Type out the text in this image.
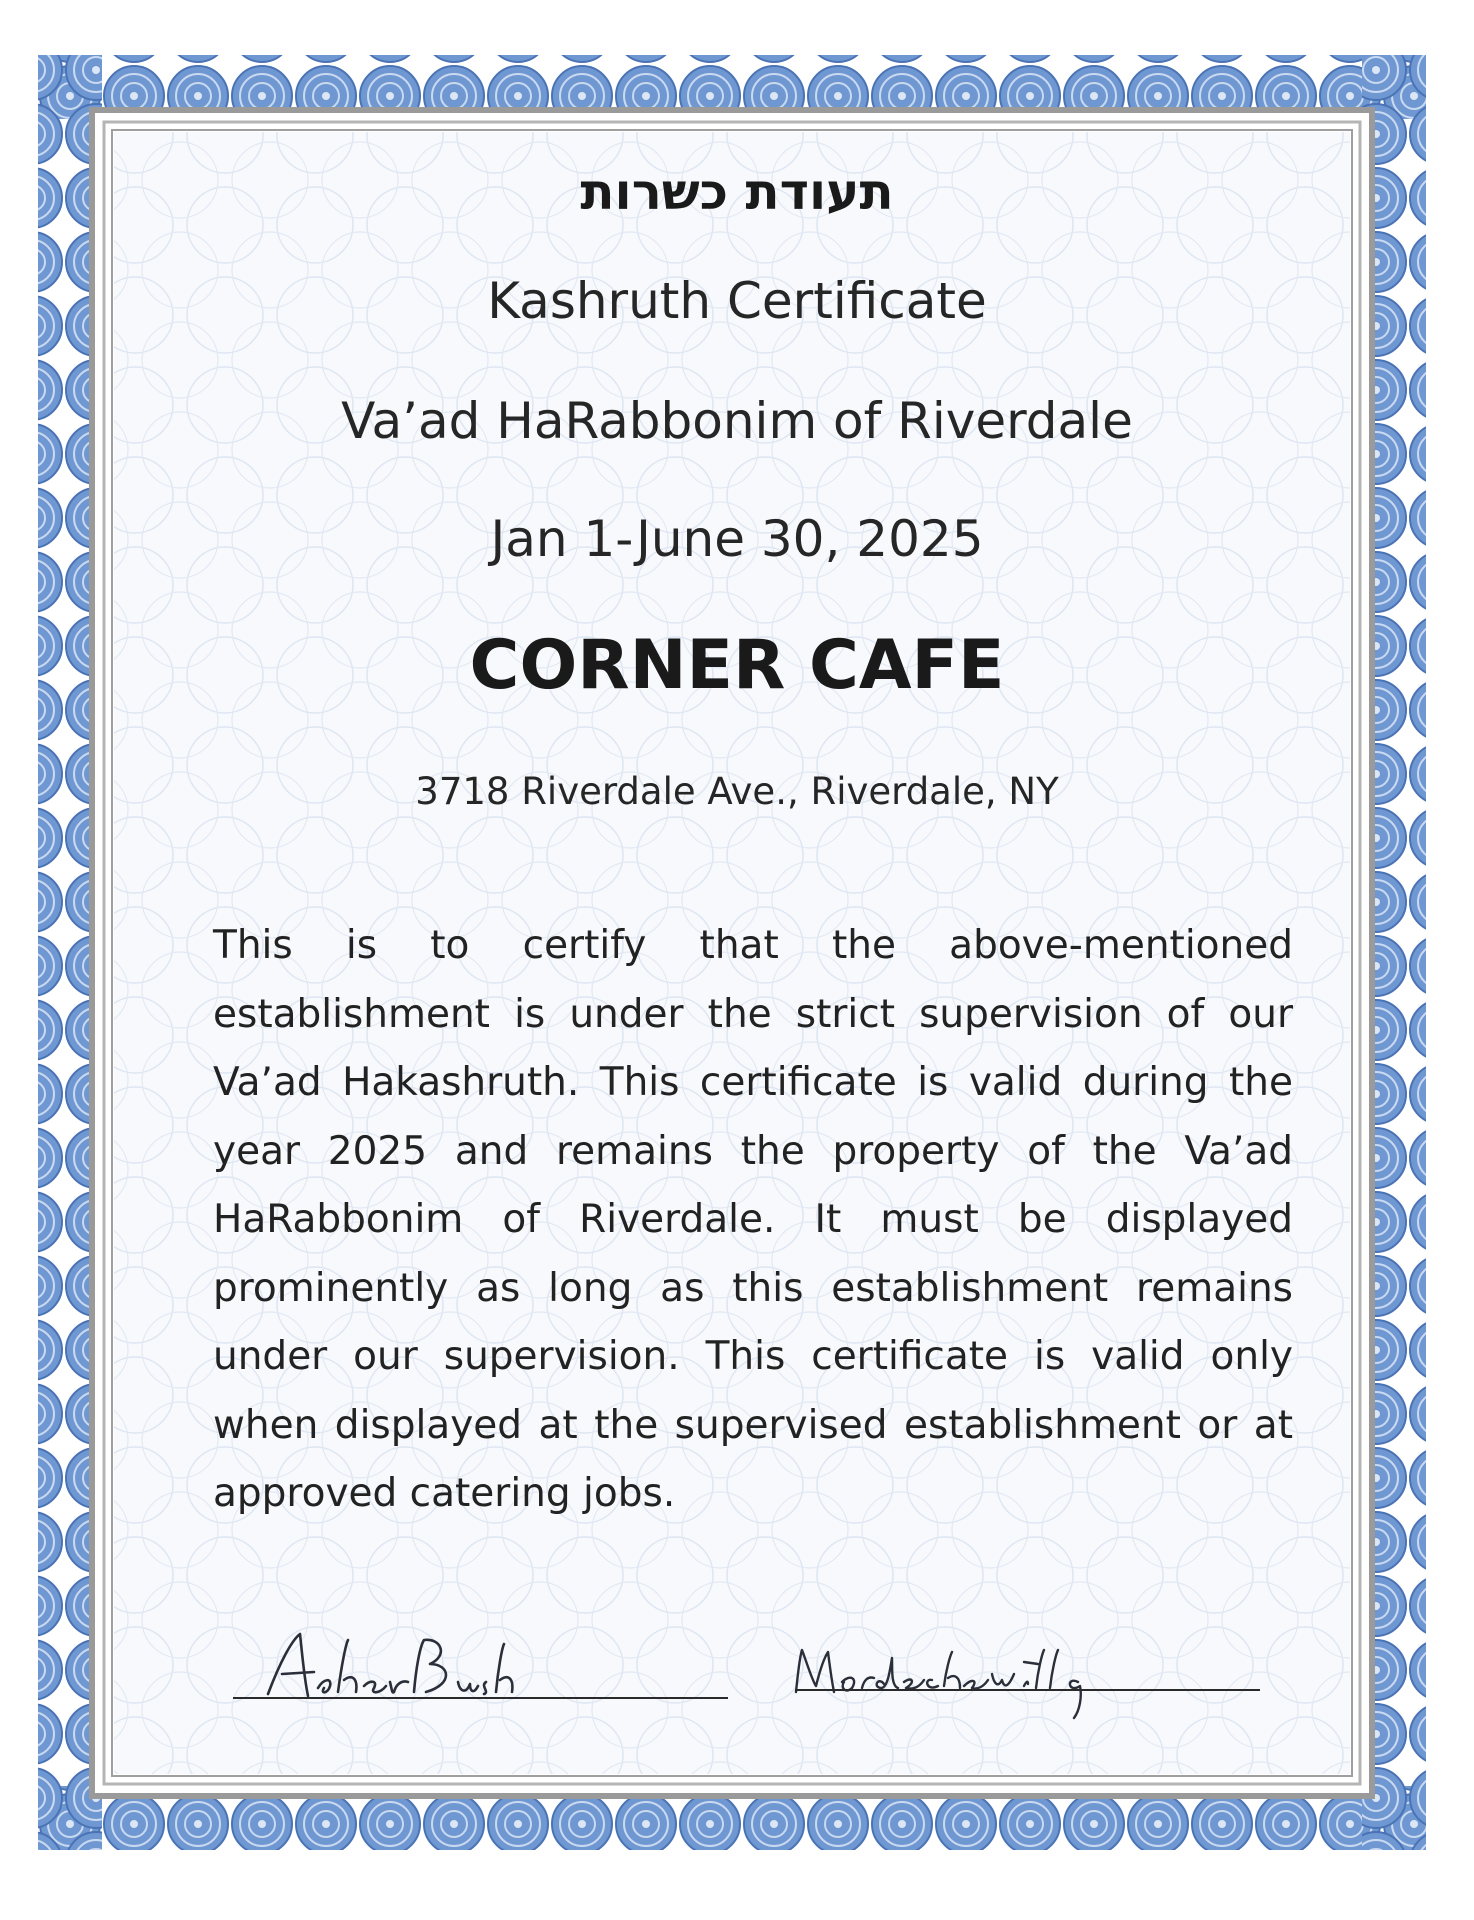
תעודת כשרות
Kashruth Certificate
Va’ad HaRabbonim of Riverdale
Jan 1-June 30, 2025
CORNER CAFE
3718 Riverdale Ave., Riverdale, NY
This is to certify that the above-mentioned establishment is under the strict supervision of our Va’ad Hakashruth. This certificate is valid during the year 2025 and remains the property of the Va’ad HaRabbonim of Riverdale. It must be displayed prominently as long as this establishment remains under our supervision. This certificate is valid only when displayed at the supervised establishment or at approved catering jobs.
